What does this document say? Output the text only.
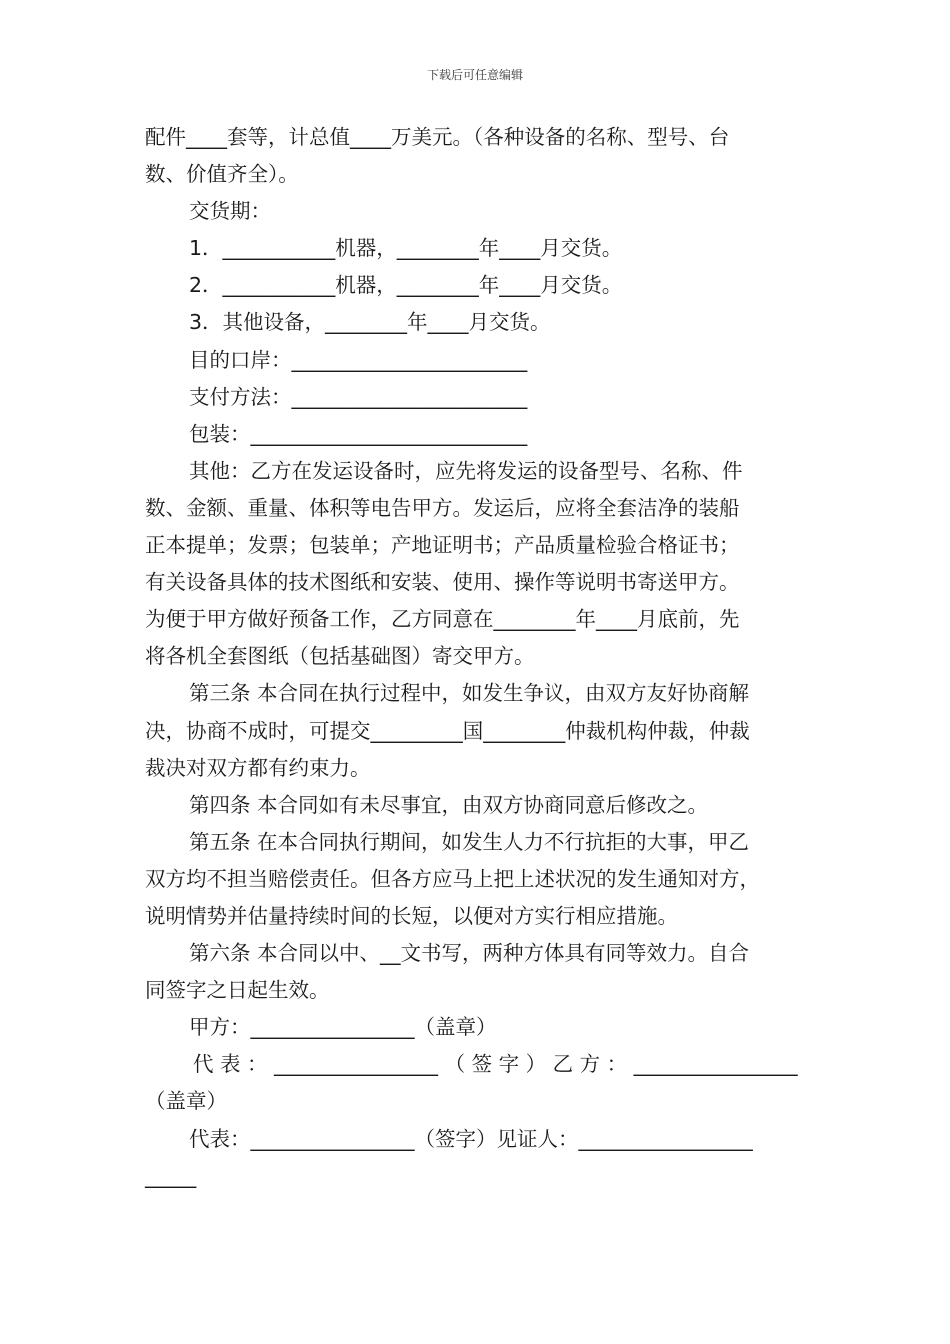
下载后可任意编辑
配件____套等，计总值____万美元。（各种设备的名称、型号、台
数、价值齐全）。
交货期：
1．___________机器，________年____月交货。
2．___________机器，________年____月交货。
3．其他设备，________年____月交货。
目的口岸：_______________________
支付方法：_______________________
包装：___________________________
其他：乙方在发运设备时，应先将发运的设备型号、名称、件
数、金额、重量、体积等电告甲方。发运后，应将全套洁净的装船
正本提单；发票；包装单；产地证明书；产品质量检验合格证书；
有关设备具体的技术图纸和安装、使用、操作等说明书寄送甲方。
为便于甲方做好预备工作，乙方同意在________年____月底前，先
将各机全套图纸（包括基础图）寄交甲方。
第三条 本合同在执行过程中，如发生争议，由双方友好协商解
决，协商不成时，可提交_________国________仲裁机构仲裁，仲裁
裁决对双方都有约束力。
第四条 本合同如有未尽事宜，由双方协商同意后修改之。
第五条 在本合同执行期间，如发生人力不行抗拒的大事，甲乙
双方均不担当赔偿责任。但各方应马上把上述状况的发生通知对方，
说明情势并估量持续时间的长短，以便对方实行相应措施。
第六条 本合同以中、__文书写，两种方体具有同等效力。自合
同签字之日起生效。
甲方：________________（盖章）
代 表 ： ________________ （ 签 字 ） 乙 方 ： ________________
（盖章）
代表：________________（签字）见证人：_________________
_____
